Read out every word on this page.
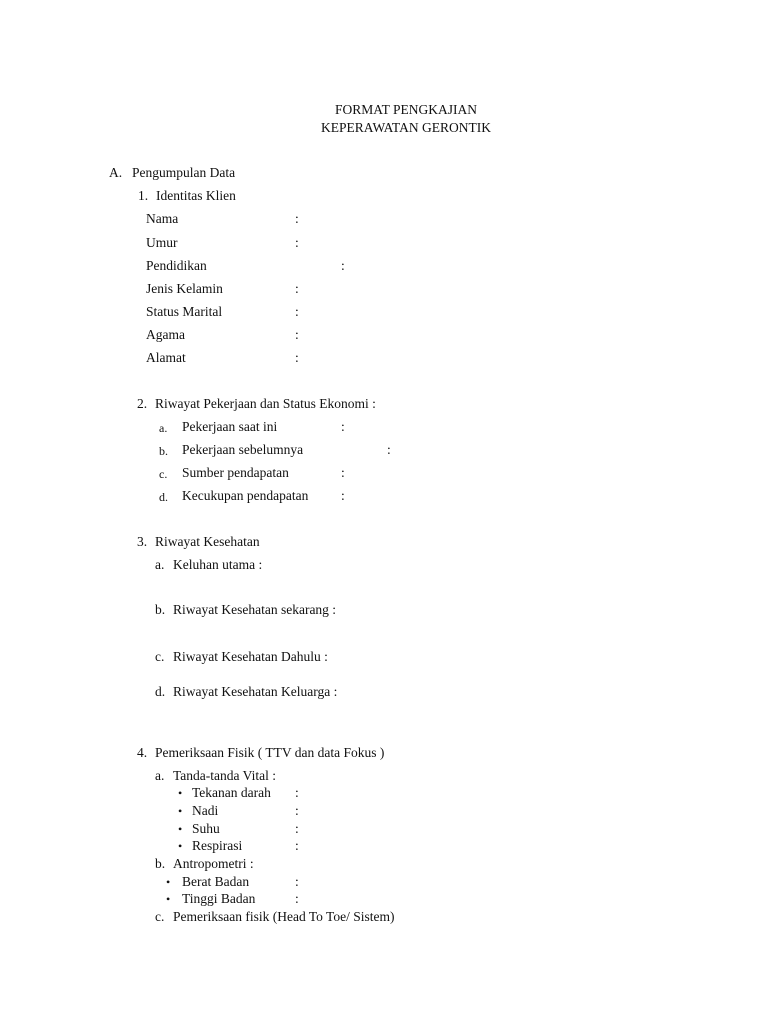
FORMAT PENGKAJIAN
KEPERAWATAN GERONTIK
A. Pengumpulan Data
1. Identitas Klien
Nama	:
Umur	:
Pendidikan	:
Jenis Kelamin	:
Status Marital	:
Agama	:
Alamat	:
2. Riwayat Pekerjaan dan Status Ekonomi :
a. Pekerjaan saat ini	:
b. Pekerjaan sebelumnya	:
c. Sumber pendapatan	:
d. Kecukupan pendapatan :
3. Riwayat Kesehatan
a. Keluhan utama :
b. Riwayat Kesehatan sekarang :
c. Riwayat Kesehatan Dahulu :
d. Riwayat Kesehatan Keluarga :
4. Pemeriksaan Fisik ( TTV dan data Fokus )
a. Tanda-tanda Vital :
• Tekanan darah :
• Nadi	:
• Suhu	:
• Respirasi	:
b. Antropometri :
• Berat Badan	:
• Tinggi Badan	:
c. Pemeriksaan fisik (Head To Toe/ Sistem)
